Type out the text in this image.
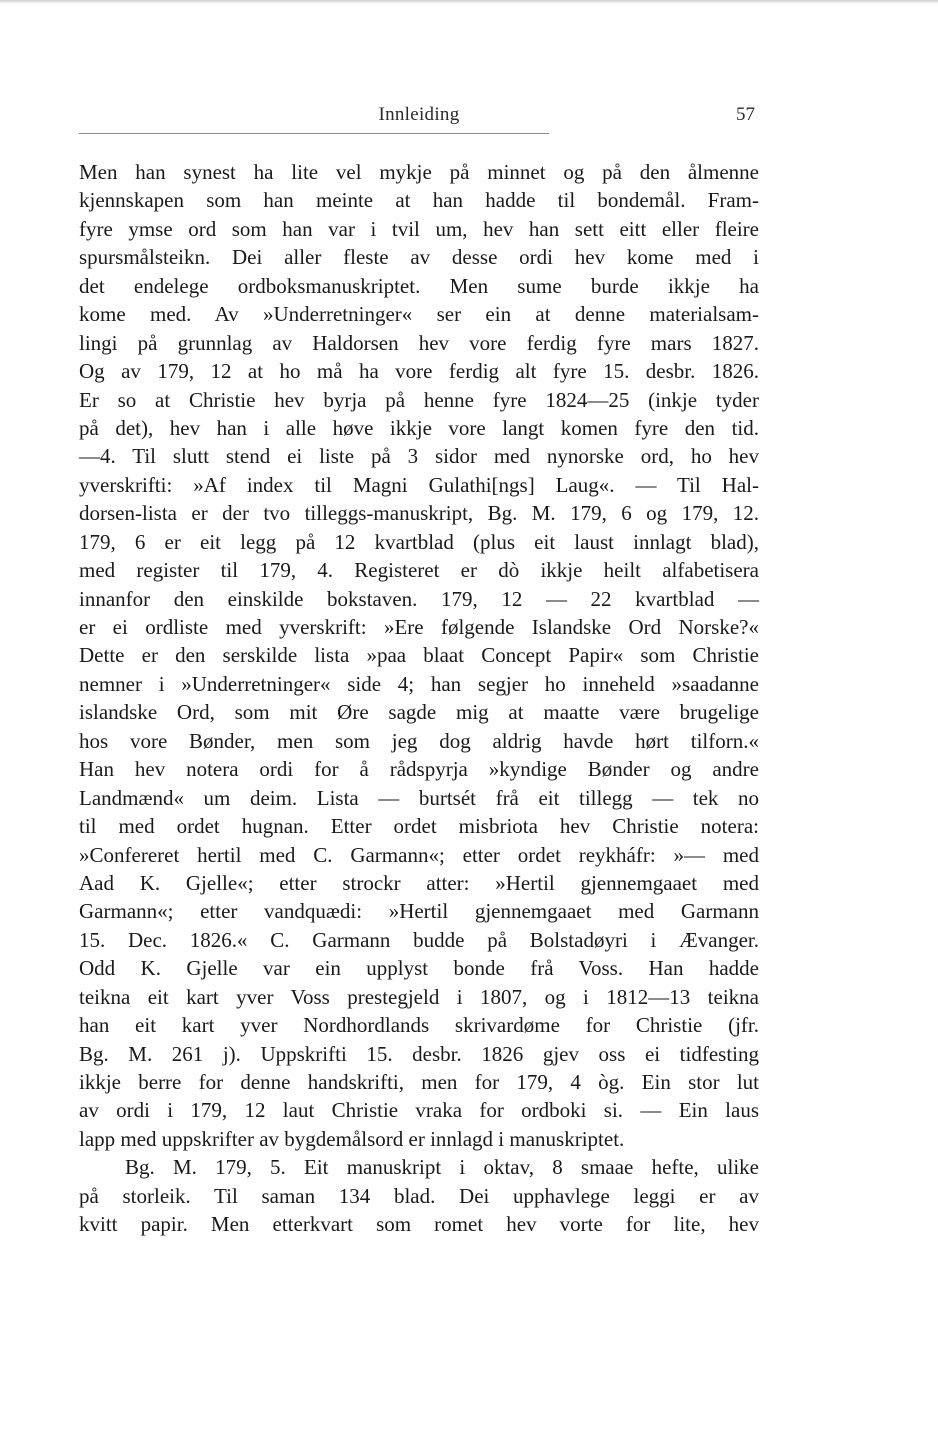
Innleiding	57
Men han synest ha lite vel mykje på minnet og på den ålmenne
kjennskapen som han meinte at han hadde til bondemål. Fram-
fyre ymse ord som han var i tvil um, hev han sett eitt eller fleire
spursmålsteikn. Dei aller fleste av desse ordi hev kome med i
det endelege ordboksmanuskriptet. Men sume burde ikkje ha
kome med. Av »Underretninger« ser ein at denne materialsam-
lingi på grunnlag av Haldorsen hev vore ferdig fyre mars 1827.
Og av 179, 12 at ho må ha vore ferdig alt fyre 15. desbr. 1826.
Er so at Christie hev byrja på henne fyre 1824—25 (inkje tyder
på det), hev han i alle høve ikkje vore langt komen fyre den tid.
—4. Til slutt stend ei liste på 3 sidor med nynorske ord, ho hev
yverskrifti: »Af index til Magni Gulathi[ngs] Laug«. — Til Hal-
dorsen-lista er der tvo tilleggs-manuskript, Bg. M. 179, 6 og 179, 12.
179, 6 er eit legg på 12 kvartblad (plus eit laust innlagt blad),
med register til 179, 4. Registeret er dò ikkje heilt alfabetisera
innanfor den einskilde bokstaven. 179, 12 — 22 kvartblad —
er ei ordliste med yverskrift: »Ere følgende Islandske Ord Norske?«
Dette er den serskilde lista »paa blaat Concept Papir« som Christie
nemner i »Underretninger« side 4; han segjer ho inneheld »saadanne
islandske Ord, som mit Øre sagde mig at maatte være brugelige
hos vore Bønder, men som jeg dog aldrig havde hørt tilforn.«
Han hev notera ordi for å rådspyrja »kyndige Bønder og andre
Landmænd« um deim. Lista — burtsét frå eit tillegg — tek no
til med ordet hugnan. Etter ordet misbriota hev Christie notera:
»Confereret hertil med C. Garmann«; etter ordet reykháfr: »— med
Aad K. Gjelle«; etter strockr atter: »Hertil gjennemgaaet med
Garmann«; etter vandquædi: »Hertil gjennemgaaet med Garmann
15. Dec. 1826.« C. Garmann budde på Bolstadøyri i Ævanger.
Odd K. Gjelle var ein upplyst bonde frå Voss. Han hadde
teikna eit kart yver Voss prestegjeld i 1807, og i 1812—13 teikna
han eit kart yver Nordhordlands skrivardøme for Christie (jfr.
Bg. M. 261 j). Uppskrifti 15. desbr. 1826 gjev oss ei tidfesting
ikkje berre for denne handskrifti, men for 179, 4 òg. Ein stor lut
av ordi i 179, 12 laut Christie vraka for ordboki si. — Ein laus
lapp med uppskrifter av bygdemålsord er innlagd i manuskriptet.
Bg. M. 179, 5. Eit manuskript i oktav, 8 smaae hefte, ulike
på storleik. Til saman 134 blad. Dei upphavlege leggi er av
kvitt papir. Men etterkvart som romet hev vorte for lite, hev
